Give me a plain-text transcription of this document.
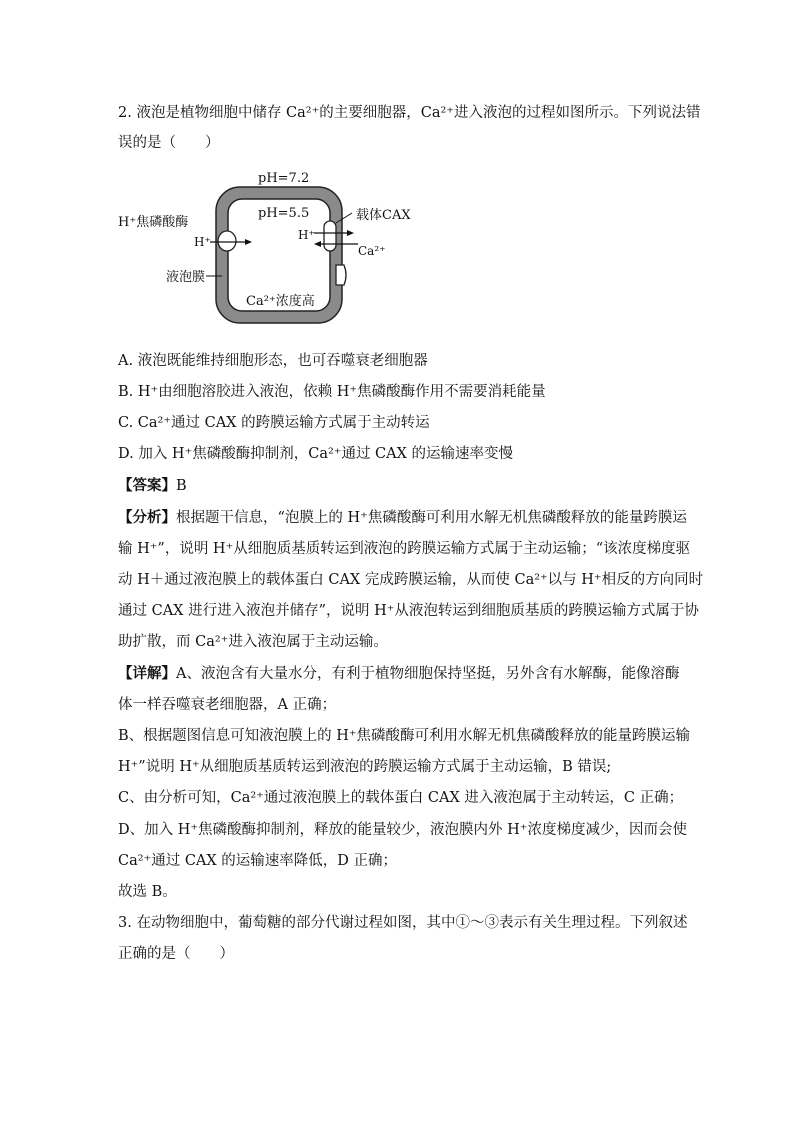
2. 液泡是植物细胞中储存 Ca²⁺的主要细胞器，Ca²⁺进入液泡的过程如图所示。下列说法错
误的是（　　）
pH=7.2
pH=5.5
H⁺焦磷酸酶
H⁺
载体CAX
H⁺
Ca²⁺
液泡膜
Ca²⁺浓度高
A. 液泡既能维持细胞形态，也可吞噬衰老细胞器
B. H⁺由细胞溶胶进入液泡，依赖 H⁺焦磷酸酶作用不需要消耗能量
C. Ca²⁺通过 CAX 的跨膜运输方式属于主动转运
D. 加入 H⁺焦磷酸酶抑制剂，Ca²⁺通过 CAX 的运输速率变慢
【答案】B
【分析】根据题干信息，“泡膜上的 H⁺焦磷酸酶可利用水解无机焦磷酸释放的能量跨膜运
输 H⁺”，说明 H⁺从细胞质基质转运到液泡的跨膜运输方式属于主动运输；“该浓度梯度驱
动 H＋通过液泡膜上的载体蛋白 CAX 完成跨膜运输，从而使 Ca²⁺以与 H⁺相反的方向同时
通过 CAX 进行进入液泡并储存”，说明 H⁺从液泡转运到细胞质基质的跨膜运输方式属于协
助扩散，而 Ca²⁺进入液泡属于主动运输。
【详解】A、液泡含有大量水分，有利于植物细胞保持坚挺，另外含有水解酶，能像溶酶
体一样吞噬衰老细胞器，A 正确；
B、根据题图信息可知液泡膜上的 H⁺焦磷酸酶可利用水解无机焦磷酸释放的能量跨膜运输
H⁺”说明 H⁺从细胞质基质转运到液泡的跨膜运输方式属于主动运输，B 错误;
C、由分析可知，Ca²⁺通过液泡膜上的载体蛋白 CAX 进入液泡属于主动转运，C 正确；
D、加入 H⁺焦磷酸酶抑制剂，释放的能量较少，液泡膜内外 H⁺浓度梯度减少，因而会使
Ca²⁺通过 CAX 的运输速率降低，D 正确；
故选 B。
3. 在动物细胞中，葡萄糖的部分代谢过程如图，其中①～③表示有关生理过程。下列叙述
正确的是（　　）
